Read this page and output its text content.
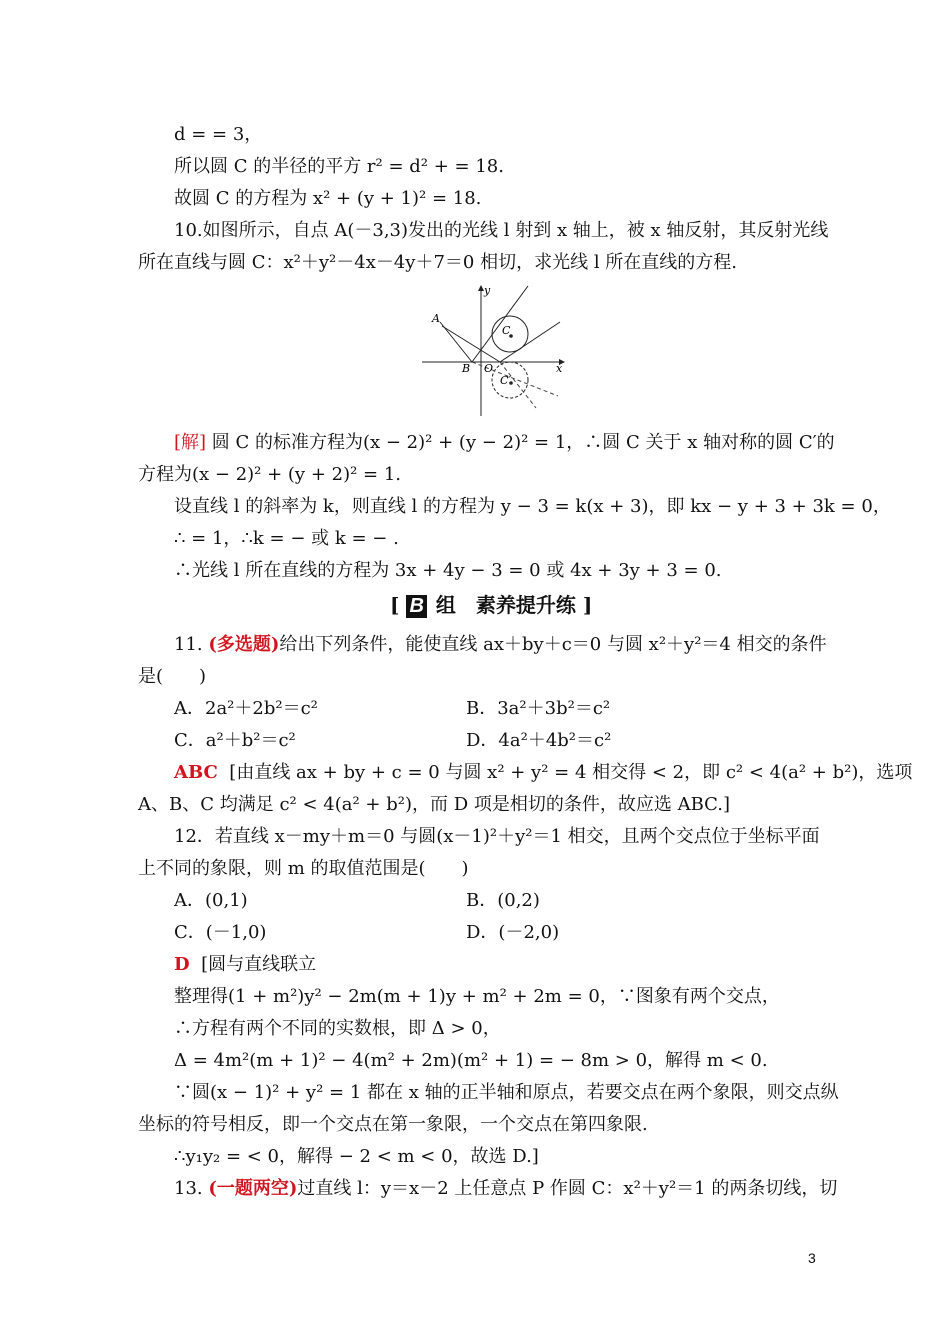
d = = 3，
所以圆 C 的半径的平方 r² = d² + = 18.
故圆 C 的方程为 x² + (y + 1)² = 18.
10.如图所示，自点 A(－3,3)发出的光线 l 射到 x 轴上，被 x 轴反射，其反射光线
所在直线与圆 C：x²＋y²－4x－4y＋7＝0 相切，求光线 l 所在直线的方程.
y
x
A
B O
C
C′
[解] 圆 C 的标准方程为(x − 2)² + (y − 2)² = 1，∴圆 C 关于 x 轴对称的圆 C′的
方程为(x − 2)² + (y + 2)² = 1.
设直线 l 的斜率为 k，则直线 l 的方程为 y − 3 = k(x + 3)，即 kx − y + 3 + 3k = 0，
∴ = 1，∴k = − 或 k = − .
∴光线 l 所在直线的方程为 3x + 4y − 3 = 0 或 4x + 3y + 3 = 0.
[ B 组　素养提升练 ]
11. (多选题)给出下列条件，能使直线 ax＋by＋c＝0 与圆 x²＋y²＝4 相交的条件
是(　　)
A．2a²＋2b²＝c²	B．3a²＋3b²＝c²
C．a²＋b²＝c²	D．4a²＋4b²＝c²
ABC [由直线 ax + by + c = 0 与圆 x² + y² = 4 相交得 < 2，即 c² < 4(a² + b²)，选项
A、B、C 均满足 c² < 4(a² + b²)，而 D 项是相切的条件，故应选 ABC.]
12．若直线 x－my＋m＝0 与圆(x－1)²＋y²＝1 相交，且两个交点位于坐标平面
上不同的象限，则 m 的取值范围是(　　)
A．(0,1)	B．(0,2)
C．(－1,0)	D．(－2,0)
D [圆与直线联立
整理得(1 + m²)y² − 2m(m + 1)y + m² + 2m = 0，∵图象有两个交点，
∴方程有两个不同的实数根，即 Δ > 0，
Δ = 4m²(m + 1)² − 4(m² + 2m)(m² + 1) = − 8m > 0，解得 m < 0.
∵圆(x − 1)² + y² = 1 都在 x 轴的正半轴和原点，若要交点在两个象限，则交点纵
坐标的符号相反，即一个交点在第一象限，一个交点在第四象限.
∴y₁y₂ = < 0，解得 − 2 < m < 0，故选 D.]
13. (一题两空)过直线 l：y＝x－2 上任意点 P 作圆 C：x²＋y²＝1 的两条切线，切
3
